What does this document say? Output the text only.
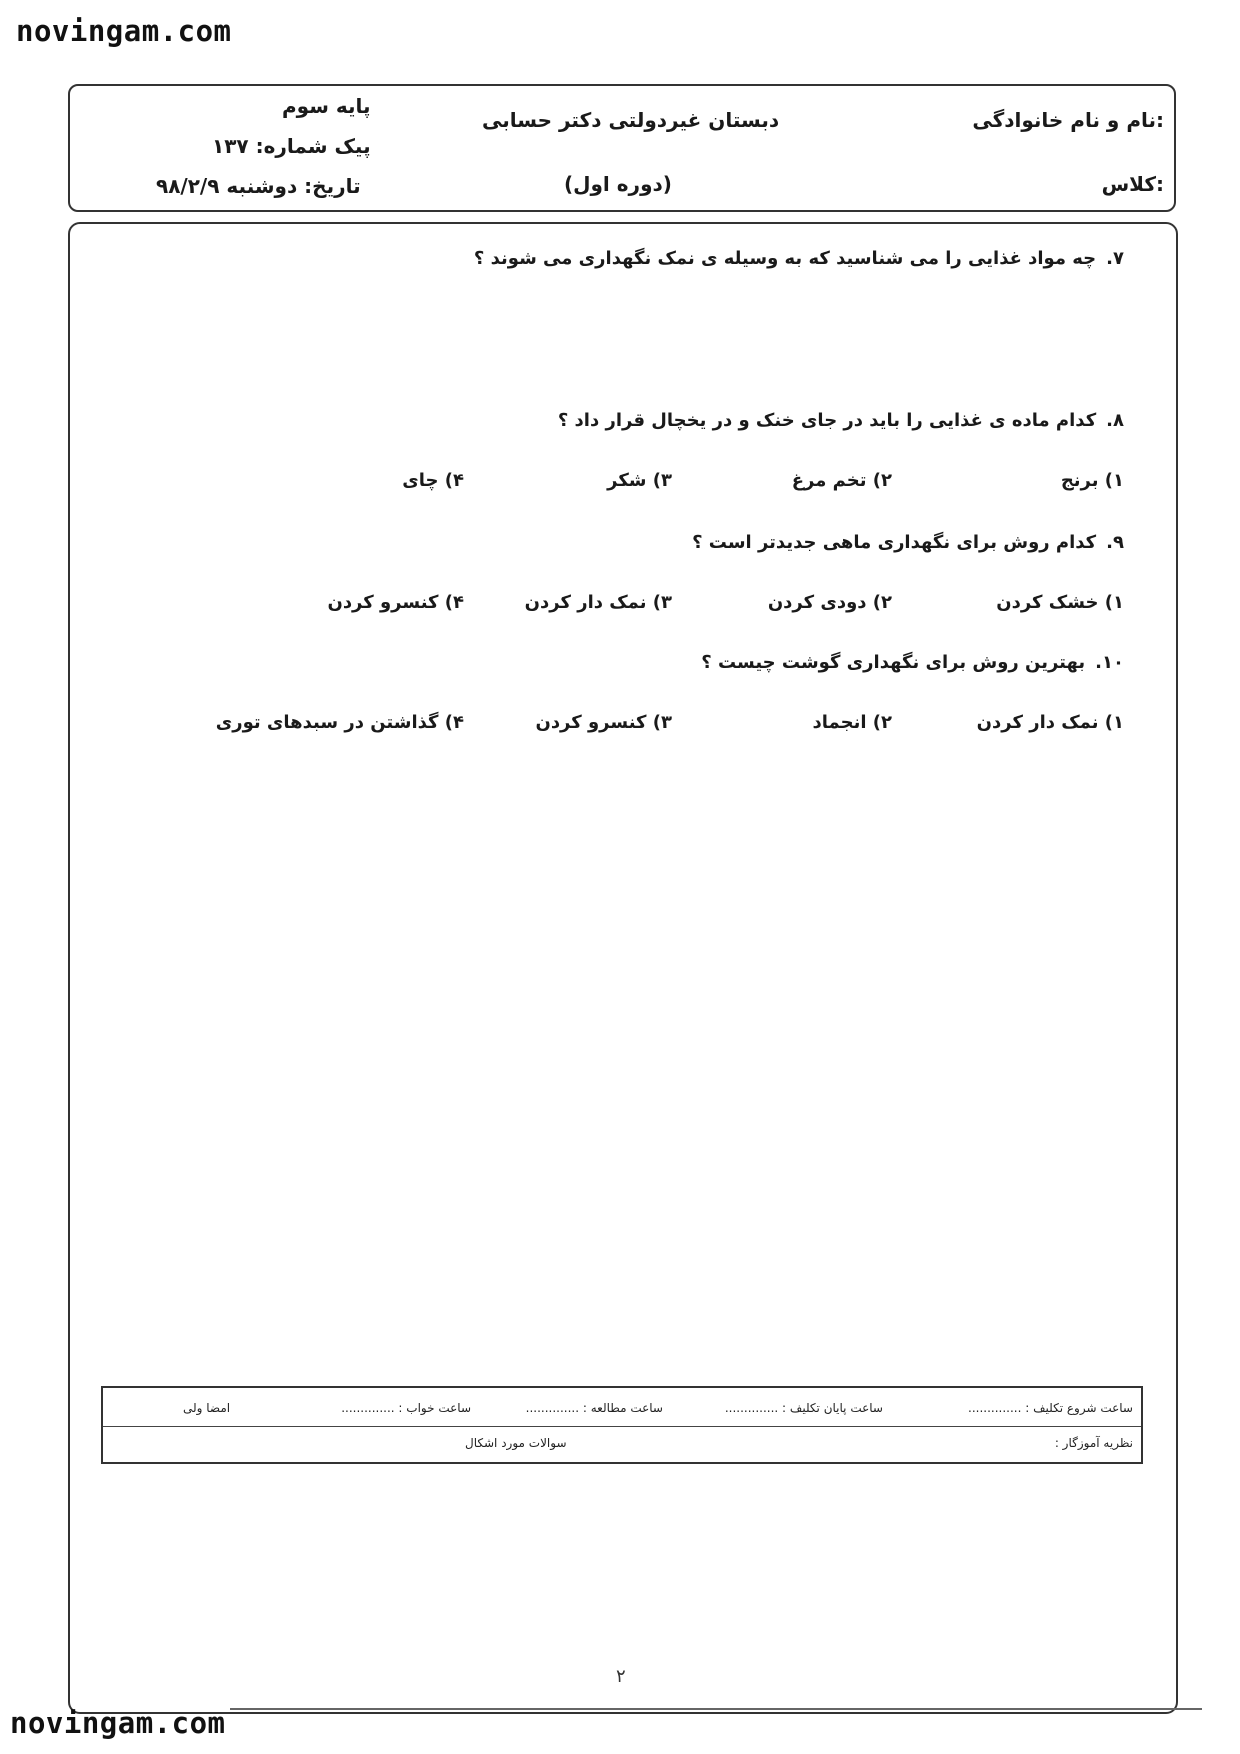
novingam.com
نام و نام خانوادگی:
کلاس:
دبستان غیردولتی دکتر حسابی
(دوره اول)
پایه سوم
پیک شماره: ۱۳۷
تاریخ: دوشنبه ۹۸/۲/۹
۷.چه مواد غذایی را می شناسید که به وسیله ی نمک نگهداری می شوند ؟
۸.کدام ماده ی غذایی را باید در جای خنک و در یخچال قرار داد ؟
۱) برنج
۲) تخم مرغ
۳) شکر
۴) چای
۹.کدام روش برای نگهداری ماهی جدیدتر است ؟
۱) خشک کردن
۲) دودی کردن
۳) نمک دار کردن
۴) کنسرو کردن
۱۰.بهترین روش برای نگهداری گوشت چیست ؟
۱) نمک دار کردن
۲) انجماد
۳) کنسرو کردن
۴) گذاشتن در سبدهای توری
ساعت شروع تکلیف : ..............
ساعت پایان تکلیف : ..............
ساعت مطالعه : ..............
ساعت خواب : ..............
امضا ولی
نظریه آموزگار :
سوالات مورد اشکال
۲
novingam.com
